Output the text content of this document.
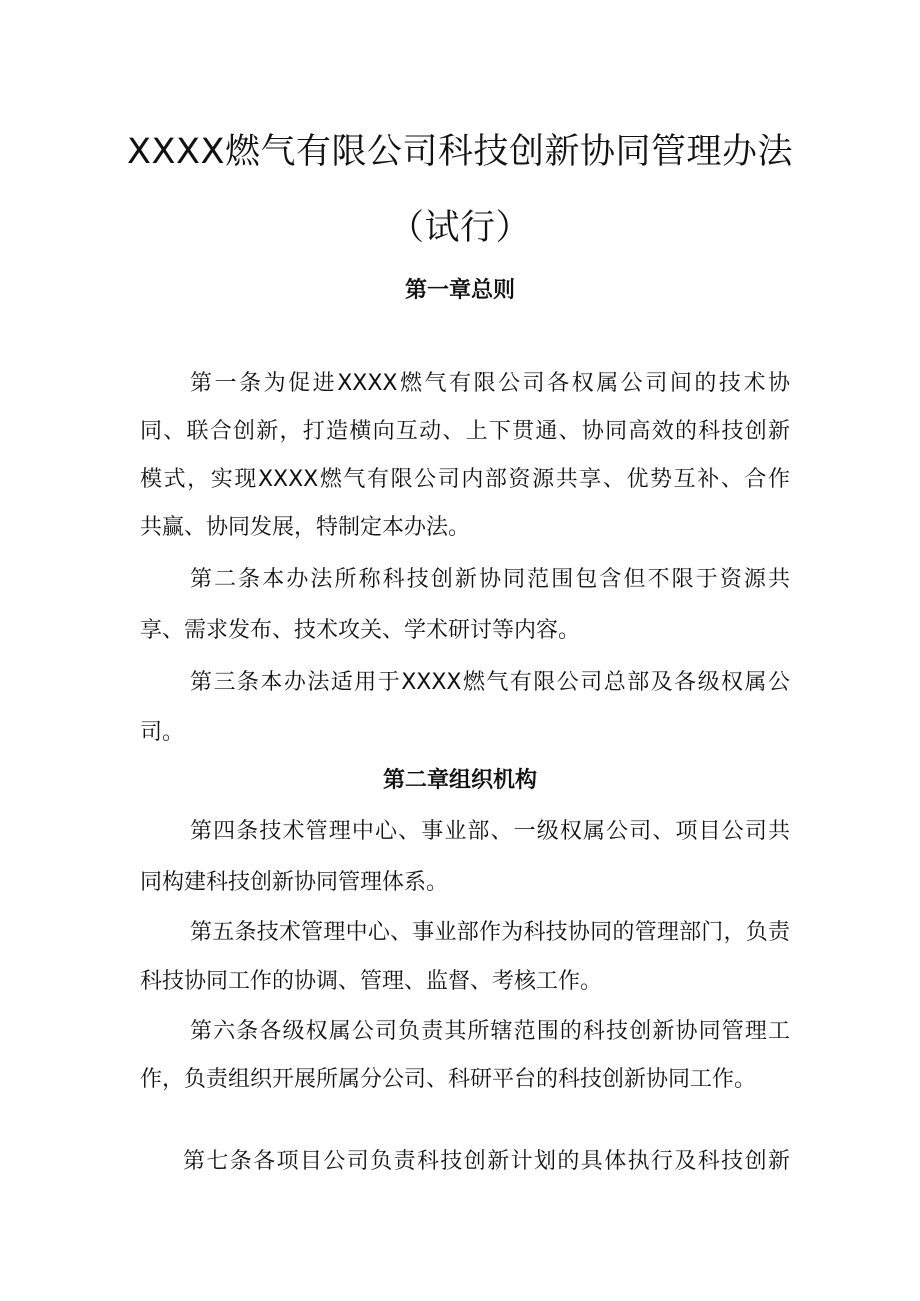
XXXX燃气有限公司科技创新协同管理办法
（试行）
第一章总则

第一条为促进XXXX燃气有限公司各权属公司间的技术协

同、联合创新，打造横向互动、上下贯通、协同高效的科技创新

模式，实现XXXX燃气有限公司内部资源共享、优势互补、合作

共赢、协同发展，特制定本办法。

第二条本办法所称科技创新协同范围包含但不限于资源共

享、需求发布、技术攻关、学术研讨等内容。

第三条本办法适用于XXXX燃气有限公司总部及各级权属公

司。

第二章组织机构

第四条技术管理中心、事业部、一级权属公司、项目公司共

同构建科技创新协同管理体系。

第五条技术管理中心、事业部作为科技协同的管理部门，负责

科技协同工作的协调、管理、监督、考核工作。

第六条各级权属公司负责其所辖范围的科技创新协同管理工

作，负责组织开展所属分公司、科研平台的科技创新协同工作。

第七条各项目公司负责科技创新计划的具体执行及科技创新
